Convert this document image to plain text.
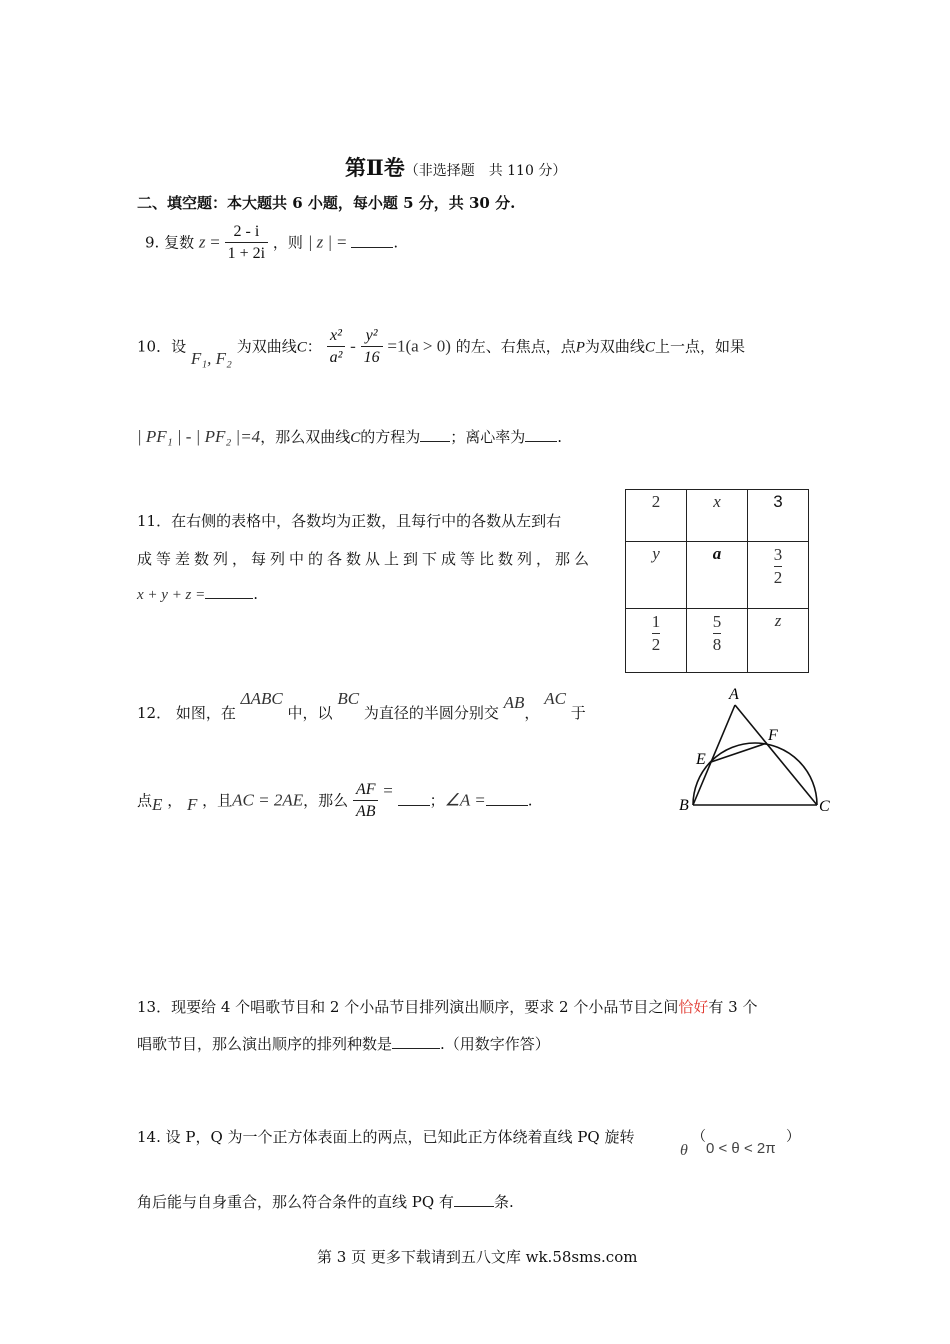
第Ⅱ卷（非选择题　共 110 分）
二、填空题：本大题共 6 小题，每小题 5 分，共 30 分.
9. 复数 $z = \frac{2 - i}{1 + 2i}$ ，则 | z | =	.
10．设 F₁, F₂ 为双曲线C： $\frac{\text{x²}}{\text{a²}} - \frac{\text{y²}}{16} =1(a > 0)$ 的左、右焦点，点P为双曲线C上一点，如果
| PF₁ | - | PF₂ |=4，那么双曲线C的方程为 ；离心率为 .
11．在右侧的表格中，各数均为正数，且每行中的各数从左到右
成等差数列，每列中的各数从上到下成等比数列，那么
x + y + z =	.
2	x	3
y	a	$\frac{3}{2}$

$\frac{1}{2}$	$\frac{5}{8}$	z
12． 如图，在 ΔABC 中，以 BC 为直径的半圆分别交 AB， AC 于
点E ， F ，且AC = 2AE，那么 $\frac{AF}{AB}$ = ；∠A =	.
A
F
E
B	C
13．现要给 4 个唱歌节目和 2 个小品节目排列演出顺序，要求 2 个小品节目之间恰好有 3 个
唱歌节目，那么演出顺序的排列种数是	.（用数字作答）
14. 设 P，Q 为一个正方体表面上的两点，已知此正方体绕着直线 PQ 旋转	（
θ 0 < θ < 2π
）
角后能与自身重合，那么符合条件的直线 PQ 有	条.
第 3 页 更多下载请到五八文库 wk.58sms.com
